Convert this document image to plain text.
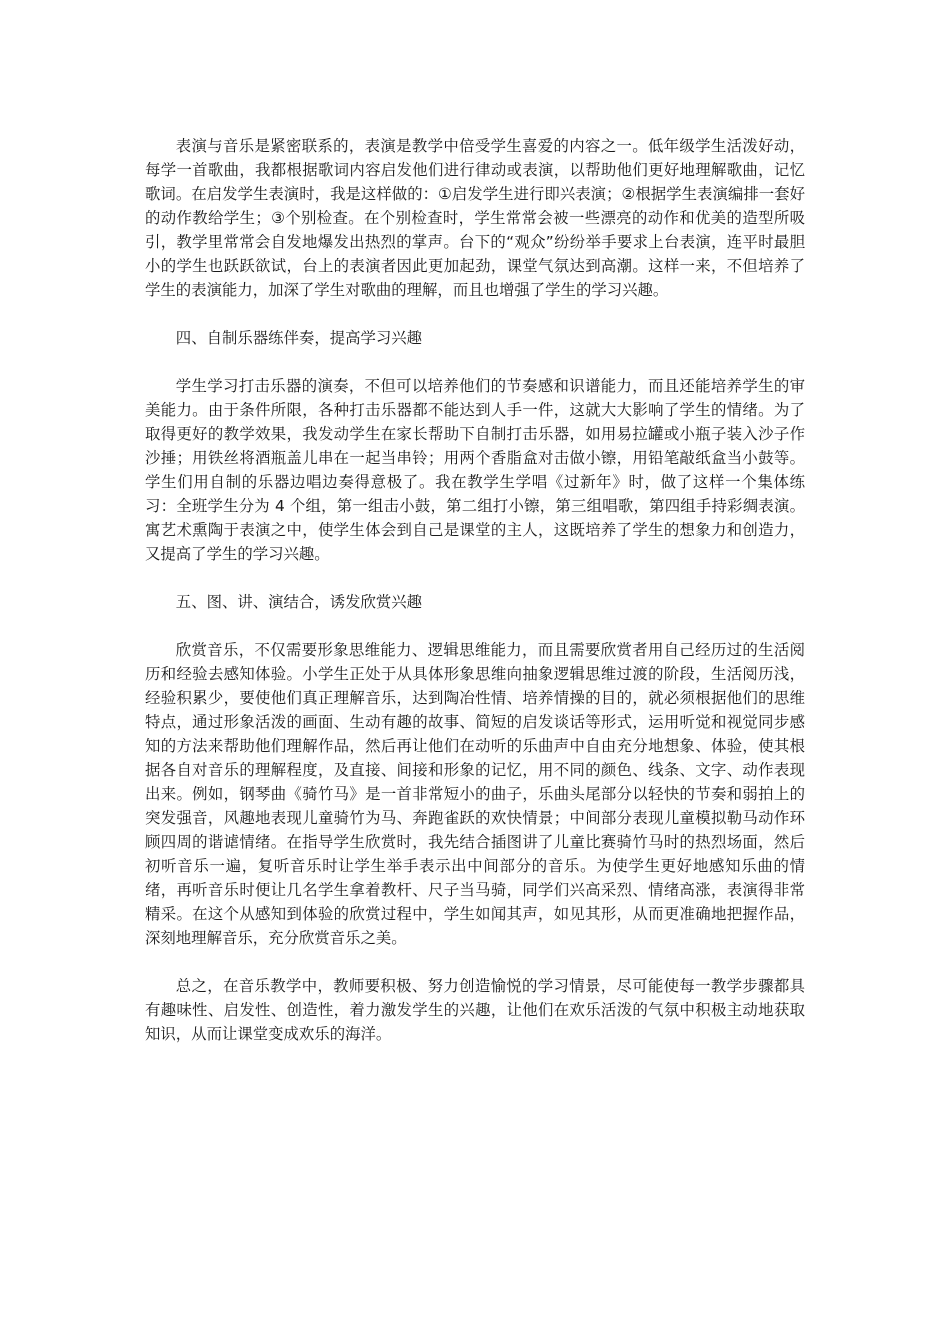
表演与音乐是紧密联系的，表演是教学中倍受学生喜爱的内容之一。低年级学生活泼好动，每学一首歌曲，我都根据歌词内容启发他们进行律动或表演，以帮助他们更好地理解歌曲，记忆歌词。在启发学生表演时，我是这样做的：①启发学生进行即兴表演；②根据学生表演编排一套好的动作教给学生；③个别检查。在个别检查时，学生常常会被一些漂亮的动作和优美的造型所吸引，教学里常常会自发地爆发出热烈的掌声。台下的“观众”纷纷举手要求上台表演，连平时最胆小的学生也跃跃欲试，台上的表演者因此更加起劲，课堂气氛达到高潮。这样一来，不但培养了学生的表演能力，加深了学生对歌曲的理解，而且也增强了学生的学习兴趣。

四、自制乐器练伴奏，提高学习兴趣

学生学习打击乐器的演奏，不但可以培养他们的节奏感和识谱能力，而且还能培养学生的审美能力。由于条件所限，各种打击乐器都不能达到人手一件，这就大大影响了学生的情绪。为了取得更好的教学效果，我发动学生在家长帮助下自制打击乐器，如用易拉罐或小瓶子装入沙子作沙捶；用铁丝将酒瓶盖儿串在一起当串铃；用两个香脂盒对击做小镲，用铅笔敲纸盒当小鼓等。学生们用自制的乐器边唱边奏得意极了。我在教学生学唱《过新年》时，做了这样一个集体练习：全班学生分为 4 个组，第一组击小鼓，第二组打小镲，第三组唱歌，第四组手持彩绸表演。寓艺术熏陶于表演之中，使学生体会到自己是课堂的主人，这既培养了学生的想象力和创造力，又提高了学生的学习兴趣。

五、图、讲、演结合，诱发欣赏兴趣

欣赏音乐，不仅需要形象思维能力、逻辑思维能力，而且需要欣赏者用自己经历过的生活阅历和经验去感知体验。小学生正处于从具体形象思维向抽象逻辑思维过渡的阶段，生活阅历浅，经验积累少，要使他们真正理解音乐，达到陶冶性情、培养情操的目的，就必须根据他们的思维特点，通过形象活泼的画面、生动有趣的故事、简短的启发谈话等形式，运用听觉和视觉同步感知的方法来帮助他们理解作品，然后再让他们在动听的乐曲声中自由充分地想象、体验，使其根据各自对音乐的理解程度，及直接、间接和形象的记忆，用不同的颜色、线条、文字、动作表现出来。例如，钢琴曲《骑竹马》是一首非常短小的曲子，乐曲头尾部分以轻快的节奏和弱拍上的突发强音，风趣地表现儿童骑竹为马、奔跑雀跃的欢快情景；中间部分表现儿童模拟勒马动作环顾四周的谐谑情绪。在指导学生欣赏时，我先结合插图讲了儿童比赛骑竹马时的热烈场面，然后初听音乐一遍，复听音乐时让学生举手表示出中间部分的音乐。为使学生更好地感知乐曲的情绪，再听音乐时便让几名学生拿着教杆、尺子当马骑，同学们兴高采烈、情绪高涨，表演得非常精采。在这个从感知到体验的欣赏过程中，学生如闻其声，如见其形，从而更准确地把握作品，深刻地理解音乐，充分欣赏音乐之美。

总之，在音乐教学中，教师要积极、努力创造愉悦的学习情景，尽可能使每一教学步骤都具有趣味性、启发性、创造性，着力激发学生的兴趣，让他们在欢乐活泼的气氛中积极主动地获取知识，从而让课堂变成欢乐的海洋。
